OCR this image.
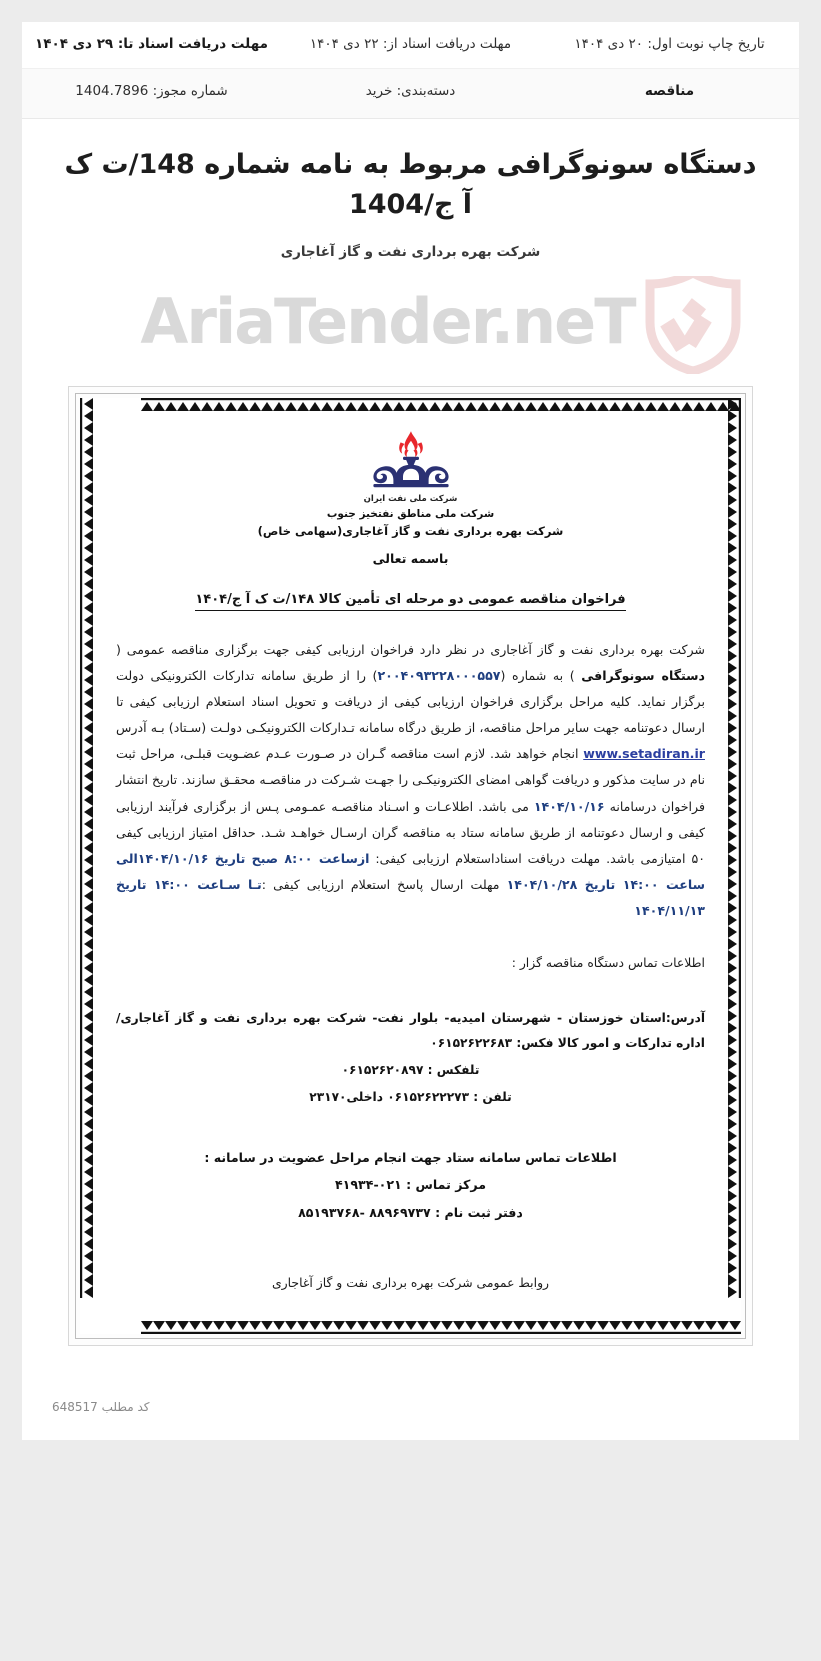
تاریخ چاپ نوبت اول: ۲۰ دی ۱۴۰۴
مهلت دریافت اسناد از: ۲۲ دی ۱۴۰۴
مهلت دریافت اسناد تا: ۲۹ دی ۱۴۰۴
مناقصه
دسته‌بندی: خرید
شماره مجوز: 1404.7896
دستگاه سونوگرافی مربوط به نامه شماره 148/ت ک آ ج/1404
شرکت بهره برداری نفت و گاز آغاجاری
AriaTender.neT
شرکت ملی نفت ایران
شرکت ملی مناطق نفتخیز جنوب
شرکت بهره برداری نفت و گاز آغاجاری(سهامی خاص)
باسمه تعالی
فراخوان مناقصه عمومی دو مرحله ای تأمین کالا ۱۴۸/ت ک آ ج/۱۴۰۴
شرکت بهره برداری نفت و گاز آغاجاری در نظر دارد فراخوان ارزیابی کیفی جهت برگزاری مناقصه عمومی ( دستگاه سونوگرافی ) به شماره (۲۰۰۴۰۹۳۲۲۸۰۰۰۵۵۷) را از طریق سامانه تدارکات الکترونیکی دولت برگزار نماید. کلیه مراحل برگزاری فراخوان ارزیابی کیفی از دریافت و تحویل اسناد استعلام ارزیابی کیفی تا ارسال دعوتنامه جهت سایر مراحل مناقصه، از طریق درگاه سامانه تـدارکات الکترونیکـی دولـت (سـتاد) بـه آدرس www.setadiran.ir انجام خواهد شد. لازم است مناقصه گـران در صـورت عـدم عضـویت قبلـی، مراحل ثبت نام در سایت مذکور و دریافت گواهی امضای الکترونیکـی را جهـت شـرکت در مناقصـه محقـق سازند. تاریخ انتشار فراخوان درسامانه ۱۴۰۴/۱۰/۱۶ می باشد. اطلاعـات و اسـناد مناقصـه عمـومی پـس از برگزاری فرآیند ارزیابی کیفی و ارسال دعوتنامه از طریق سامانه ستاد به مناقصه گران ارسـال خواهـد شـد. حداقل امتیاز ارزیابی کیفی ۵۰ امتیازمی باشد. مهلت دریافت اسناداستعلام ارزیابی کیفی: ازساعت ۸:۰۰ صبح تاریخ ۱۴۰۴/۱۰/۱۶الی ساعت ۱۴:۰۰ تاریخ ۱۴۰۴/۱۰/۲۸ مهلت ارسال پاسخ استعلام ارزیابی کیفی :تـا سـاعت ۱۴:۰۰ تاریخ ۱۴۰۴/۱۱/۱۳
اطلاعات تماس دستگاه مناقصه گزار :
آدرس:استان خوزستان - شهرستان امیدیه- بلوار نفت- شرکت بهره برداری نفت و گاز آغاجاری/اداره تدارکات و امور کالا فکس: ۰۶۱۵۲۶۲۲۶۸۳
تلفکس : ۰۶۱۵۲۶۲۰۸۹۷
تلفن : ۰۶۱۵۲۶۲۲۲۷۳ داخلی۲۳۱۷۰
اطلاعات تماس سامانه ستاد جهت انجام مراحل عضویت در سامانه :
مرکز تماس : ۰۲۱-۴۱۹۳۴
دفتر ثبت نام : ۸۸۹۶۹۷۳۷ -۸۵۱۹۳۷۶۸
روابط عمومی شرکت بهره برداری نفت و گاز آغاجاری
کد مطلب 648517
